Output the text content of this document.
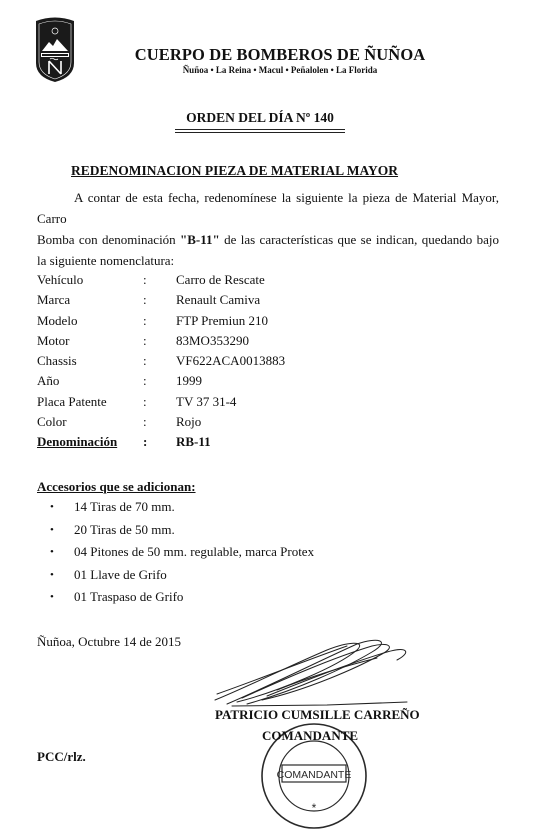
CUERPO DE BOMBEROS DE ÑUÑOA
Ñuñoa • La Reina • Macul • Peñalolen • La Florida
ORDEN DEL DÍA Nº 140
REDENOMINACION PIEZA DE MATERIAL MAYOR
A contar de esta fecha, redenomínese la siguiente la pieza de Material Mayor, Carro
Bomba con denominación "B-11" de las características que se indican, quedando bajo la siguiente nomenclatura:
Vehículo	: Carro de Rescate
Marca	: Renault Camiva
Modelo	: FTP Premiun 210
Motor	: 83MO353290
Chassis	: VF622ACA0013883
Año	: 1999
Placa Patente	: TV 37 31-4
Color	: Rojo
Denominación : RB-11
Accesorios que se adicionan:
• 14 Tiras de 70 mm.
• 20 Tiras de 50 mm.
• 04 Pitones de 50 mm. regulable, marca Protex
• 01 Llave de Grifo
• 01 Traspaso de Grifo
Ñuñoa, Octubre 14 de 2015
PATRICIO CUMSILLE CARREÑO
COMANDANTE
*
COMANDANTE
PCC/rlz.
